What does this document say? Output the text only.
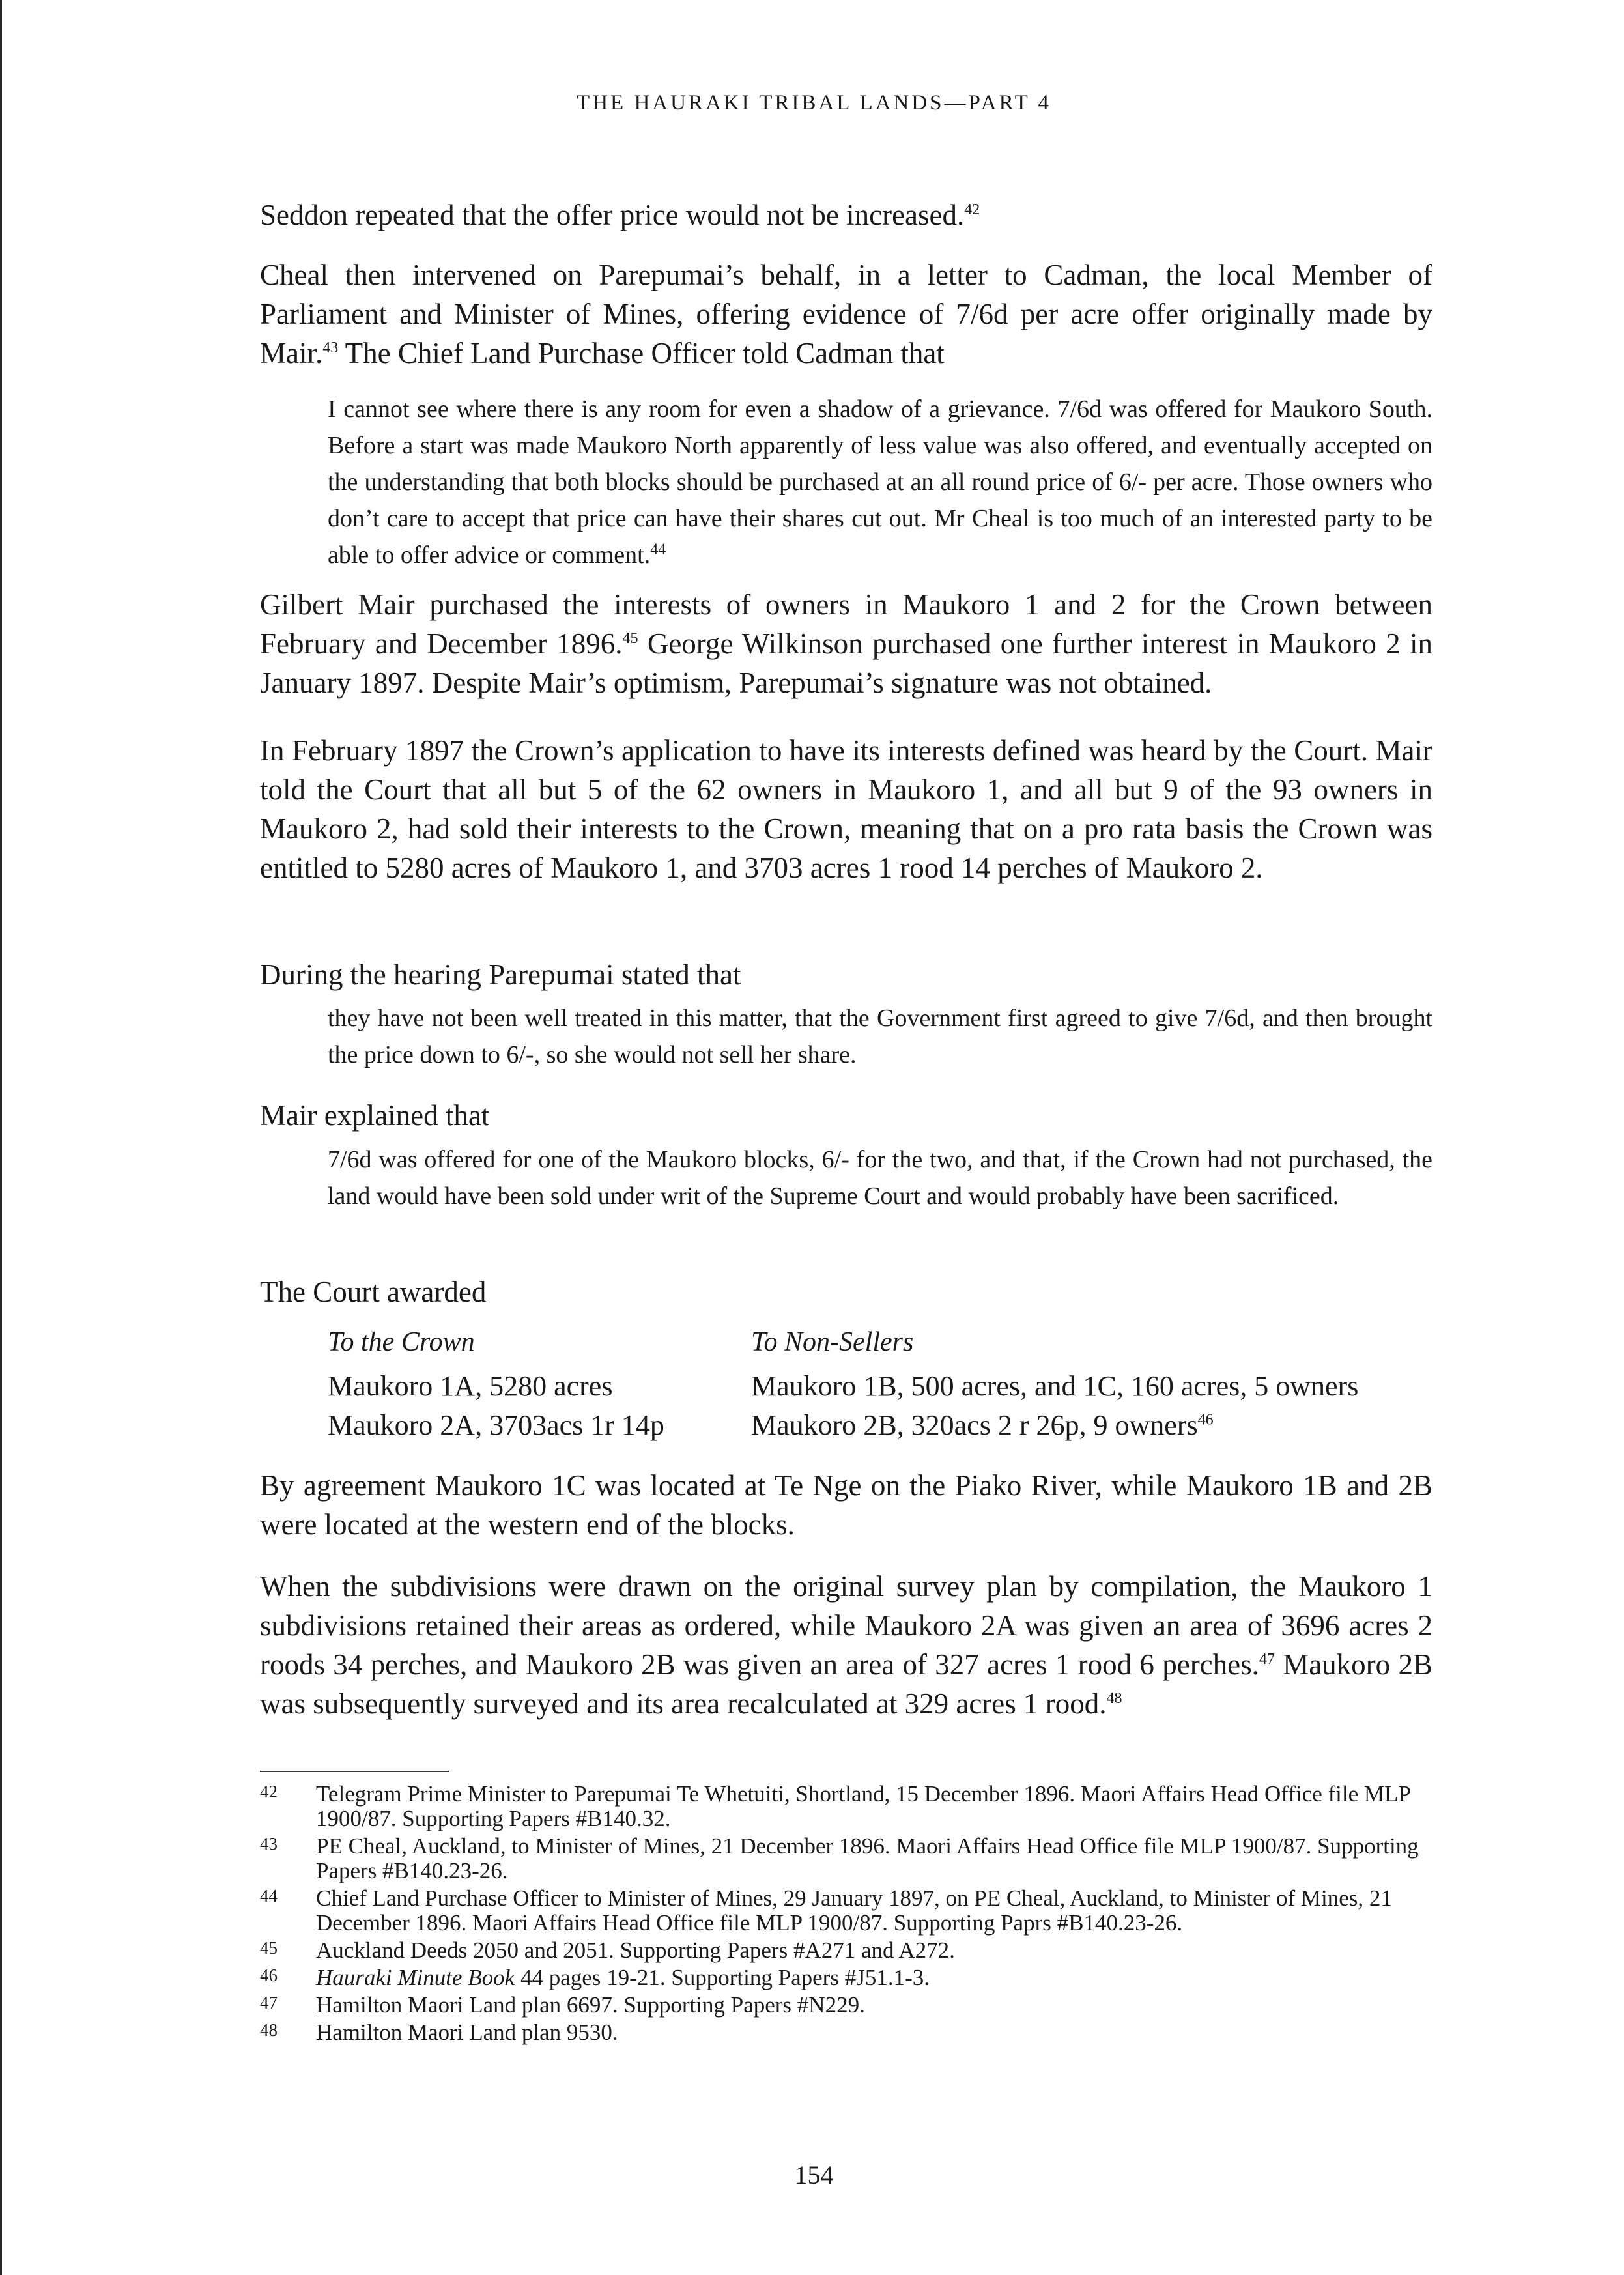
THE HAURAKI TRIBAL LANDS—PART 4

Seddon repeated that the offer price would not be increased.$^{42}$

Cheal then intervened on Parepumai’s behalf, in a letter to Cadman, the local Member of Parliament and Minister of Mines, offering evidence of 7/6d per acre offer originally made by Mair.$^{43}$ The Chief Land Purchase Officer told Cadman that

I cannot see where there is any room for even a shadow of a grievance. 7/6d was offered for Maukoro South. Before a start was made Maukoro North apparently of less value was also offered, and eventually accepted on the understanding that both blocks should be purchased at an all round price of 6/- per acre. Those owners who don’t care to accept that price can have their shares cut out. Mr Cheal is too much of an interested party to be able to offer advice or comment.$^{44}$

Gilbert Mair purchased the interests of owners in Maukoro 1 and 2 for the Crown between February and December 1896.45 George Wilkinson purchased one further interest in Maukoro 2 in January 1897. Despite Mair’s optimism, Parepumai’s signature was not obtained.

In February 1897 the Crown’s application to have its interests defined was heard by the Court. Mair told the Court that all but 5 of the 62 owners in Maukoro 1, and all but 9 of the 93 owners in Maukoro 2, had sold their interests to the Crown, meaning that on a pro rata basis the Crown was entitled to 5280 acres of Maukoro 1, and 3703 acres 1 rood 14 perches of Maukoro 2.

During the hearing Parepumai stated that

they have not been well treated in this matter, that the Government first agreed to give 7/6d, and then brought the price down to 6/-, so she would not sell her share.

Mair explained that

7/6d was offered for one of the Maukoro blocks, 6/- for the two, and that, if the Crown had not purchased, the land would have been sold under writ of the Supreme Court and would probably have been sacrificed.

The Court awarded

To the Crown
Maukoro 1A, 5280 acres
Maukoro 2A, 3703acs 1r 14p
To Non-Sellers
Maukoro 1B, 500 acres, and 1C, 160 acres, 5 owners
Maukoro 2B, 320acs 2 r 26p, 9 owners$^{46}$

By agreement Maukoro 1C was located at Te Nge on the Piako River, while Maukoro 1B and 2B were located at the western end of the blocks.

When the subdivisions were drawn on the original survey plan by compilation, the Maukoro 1 subdivisions retained their areas as ordered, while Maukoro 2A was given an area of 3696 acres 2 roods 34 perches, and Maukoro 2B was given an area of 327 acres 1 rood 6 perches.$^{47}$ Maukoro 2B was subsequently surveyed and its area recalculated at 329 acres 1 rood.$^{48}$

42 Telegram Prime Minister to Parepumai Te Whetuiti, Shortland, 15 December 1896. Maori Affairs Head Office file MLP 1900/87. Supporting Papers #B140.32.
43 PE Cheal, Auckland, to Minister of Mines, 21 December 1896. Maori Affairs Head Office file MLP 1900/87. Supporting Papers #B140.23-26.
44 Chief Land Purchase Officer to Minister of Mines, 29 January 1897, on PE Cheal, Auckland, to Minister of Mines, 21 December 1896. Maori Affairs Head Office file MLP 1900/87. Supporting Paprs #B140.23-26.
45 Auckland Deeds 2050 and 2051. Supporting Papers #A271 and A272.
46 Hauraki Minute Book 44 pages 19-21. Supporting Papers #J51.1-3.
47 Hamilton Maori Land plan 6697. Supporting Papers #N229.
48 Hamilton Maori Land plan 9530.
154
